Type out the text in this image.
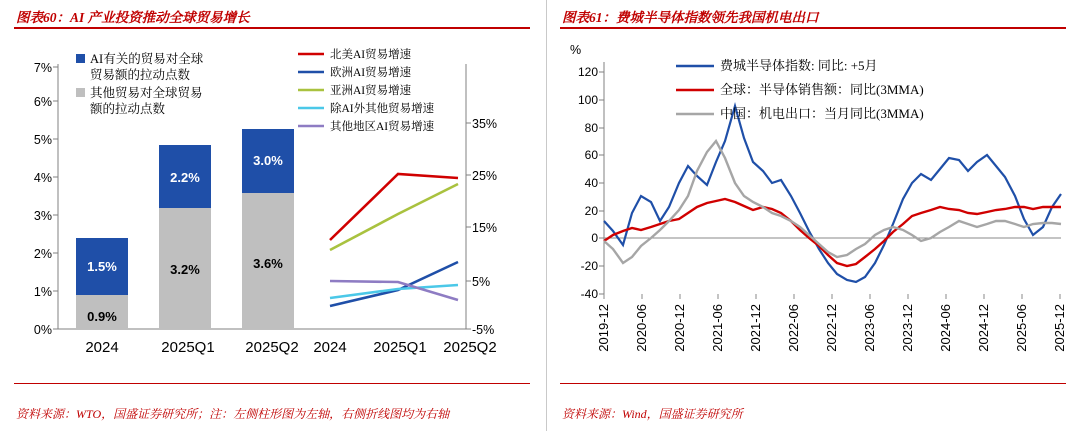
图表60：AI 产业投资推动全球贸易增长
0%
1%
2%
3%
4%
5%
6%
7%
-5%
5%
15%
25%
35%
1.5%
0.9%
2.2%
3.2%
3.0%
3.6%
2024	2025Q1 2025Q2 2024 2025Q1 2025Q2
AI有关的贸易对全球
贸易额的拉动点数
其他贸易对全球贸易
额的拉动点数
北美AI贸易增速
欧洲AI贸易增速
亚洲AI贸易增速
除AI外其他贸易增速
其他地区AI贸易增速
资料来源：WTO，国盛证券研究所；注：左侧柱形图为左轴，右侧折线图均为右轴
图表61：费城半导体指数领先我国机电出口
%
120
100
80
60
40
20
0
-20
-40
2019-12 2020-06 2020-12 2021-06 2021-12 2022-06 2022-12 2023-06 2023-12 2024-06 2024-12 2025-06 2025-12
费城半导体指数: 同比: +5月
全球：半导体销售额：同比(3MMA)
中国：机电出口：当月同比(3MMA)
资料来源：Wind，国盛证券研究所
